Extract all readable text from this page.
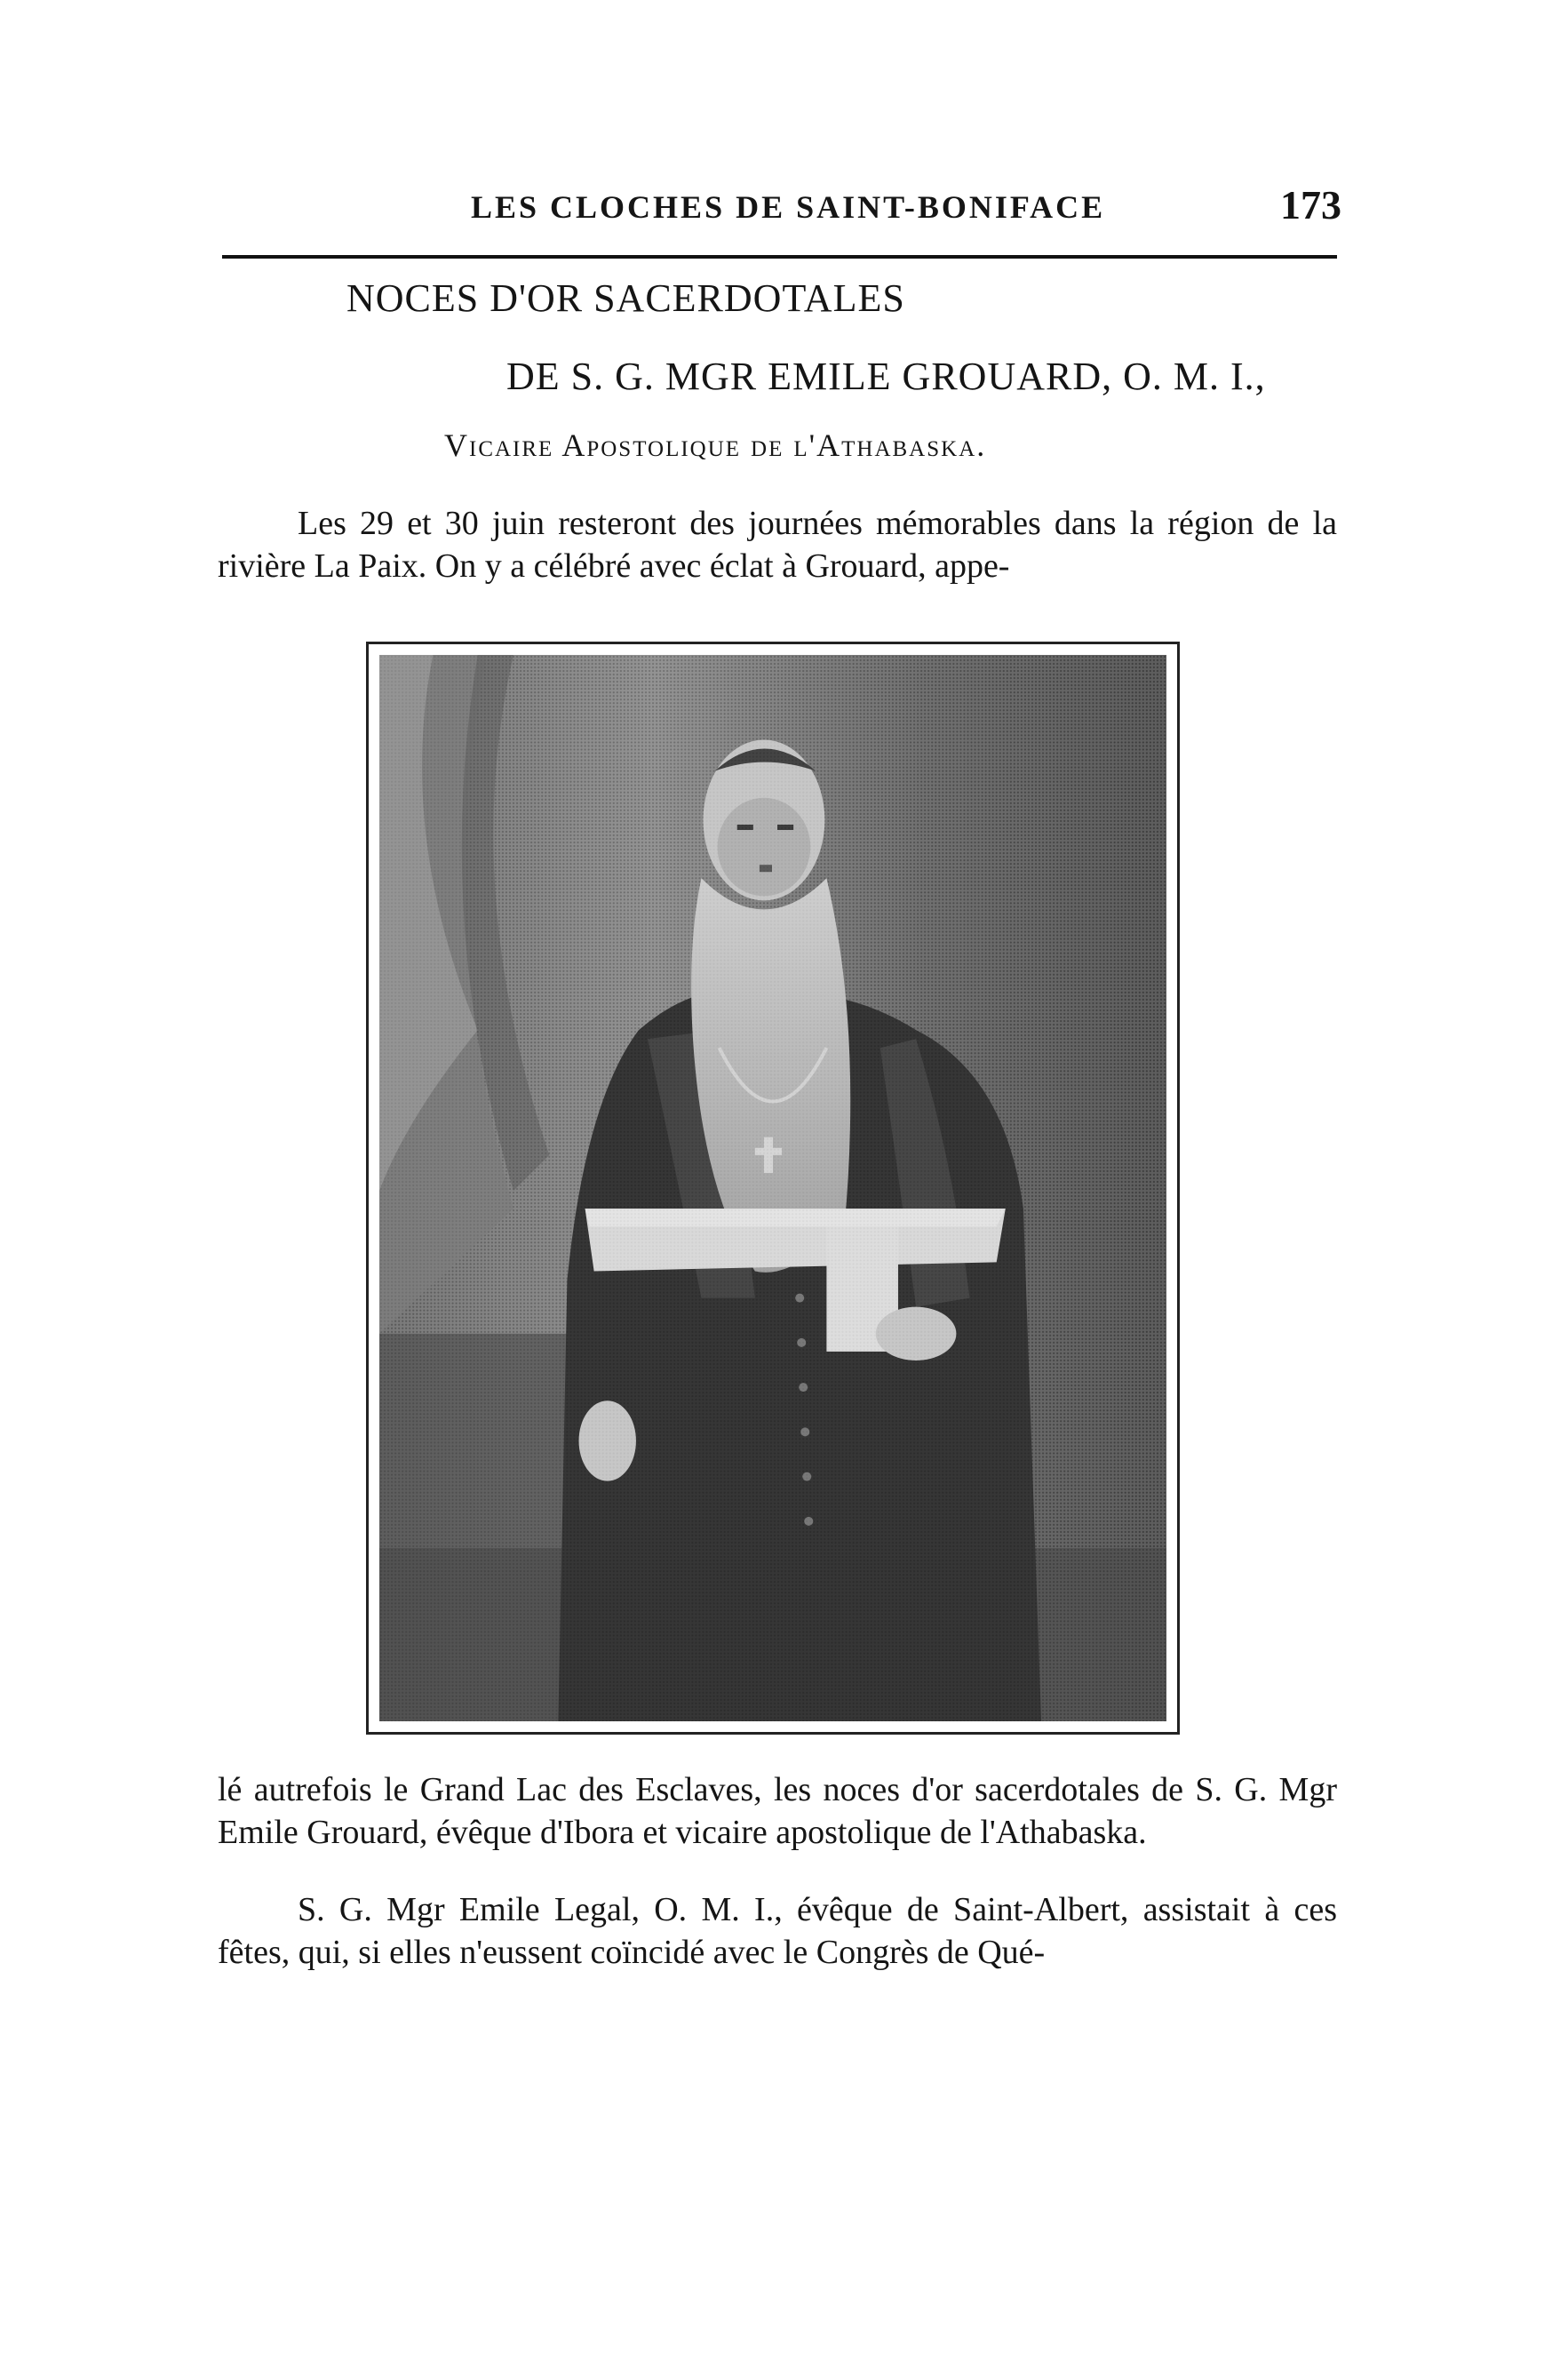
LES CLOCHES DE SAINT-BONIFACE	173
NOCES D'OR SACERDOTALES
DE S. G. MGR EMILE GROUARD, O. M. I.,
Vicaire Apostolique de l'Athabaska.

Les 29 et 30 juin resteront des journées mémorables dans la région de la rivière La Paix. On y a célébré avec éclat à Grouard, appe-

lé autrefois le Grand Lac des Esclaves, les noces d'or sacerdotales de S. G. Mgr Emile Grouard, évêque d'Ibora et vicaire apostolique de l'Athabaska.

S. G. Mgr Emile Legal, O. M. I., évêque de Saint-Albert, assistait à ces fêtes, qui, si elles n'eussent coïncidé avec le Congrès de Qué-
